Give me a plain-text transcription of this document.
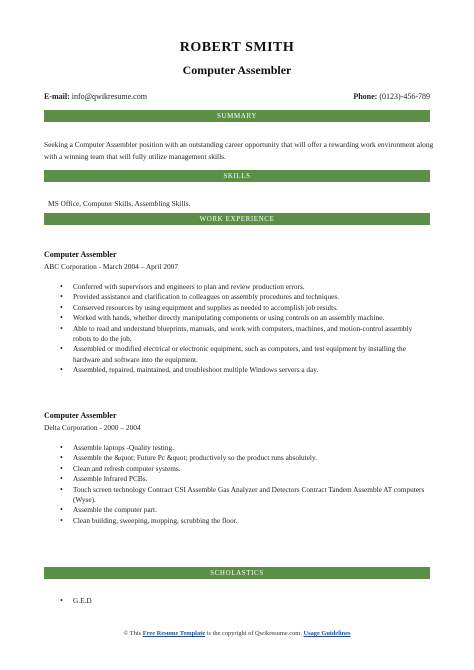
ROBERT SMITH
Computer Assembler
E-mail: info@qwikresume.com	Phone: (0123)-456-789
SUMMARY
Seeking a Computer Assembler position with an outstanding career opportunity that will offer a rewarding work environment along with a winning team that will fully utilize management skills.
SKILLS
MS Office, Computer Skills, Assembling Skills.
WORK EXPERIENCE
Computer Assembler
ABC Corporation - March 2004 – April 2007
• Conferred with supervisors and engineers to plan and review production errors.
• Provided assistance and clarification to colleagues on assembly procedures and techniques.
• Conserved resources by using equipment and supplies as needed to accomplish job results.
• Worked with hands, whether directly manipulating components or using controls on an assembly machine.
• Able to read and understand blueprints, manuals, and work with computers, machines, and motion-control assembly robots to do the job.
• Assembled or modified electrical or electronic equipment, such as computers, and test equipment by installing the hardware and software into the equipment.
• Assembled, repaired, maintained, and troubleshoot multiple Windows servers a day.
Computer Assembler
Delta Corporation - 2000 – 2004
• Assemble laptops -Quality testing.
• Assemble the &quot; Future Pc &quot; productively so the product runs absolutely.
• Clean and refresh computer systems.
• Assemble Infrared PCBs.
• Touch screen technology Contract CSI Assemble Gas Analyzer and Detectors Contract Tandem Assemble AT computers (Wyse).
• Assemble the computer part.
• Clean building, sweeping, mopping, scrubbing the floor.
SCHOLASTICS
• G.E.D
© This Free Resume Template is the copyright of Qwikresume.com. Usage Guidelines
